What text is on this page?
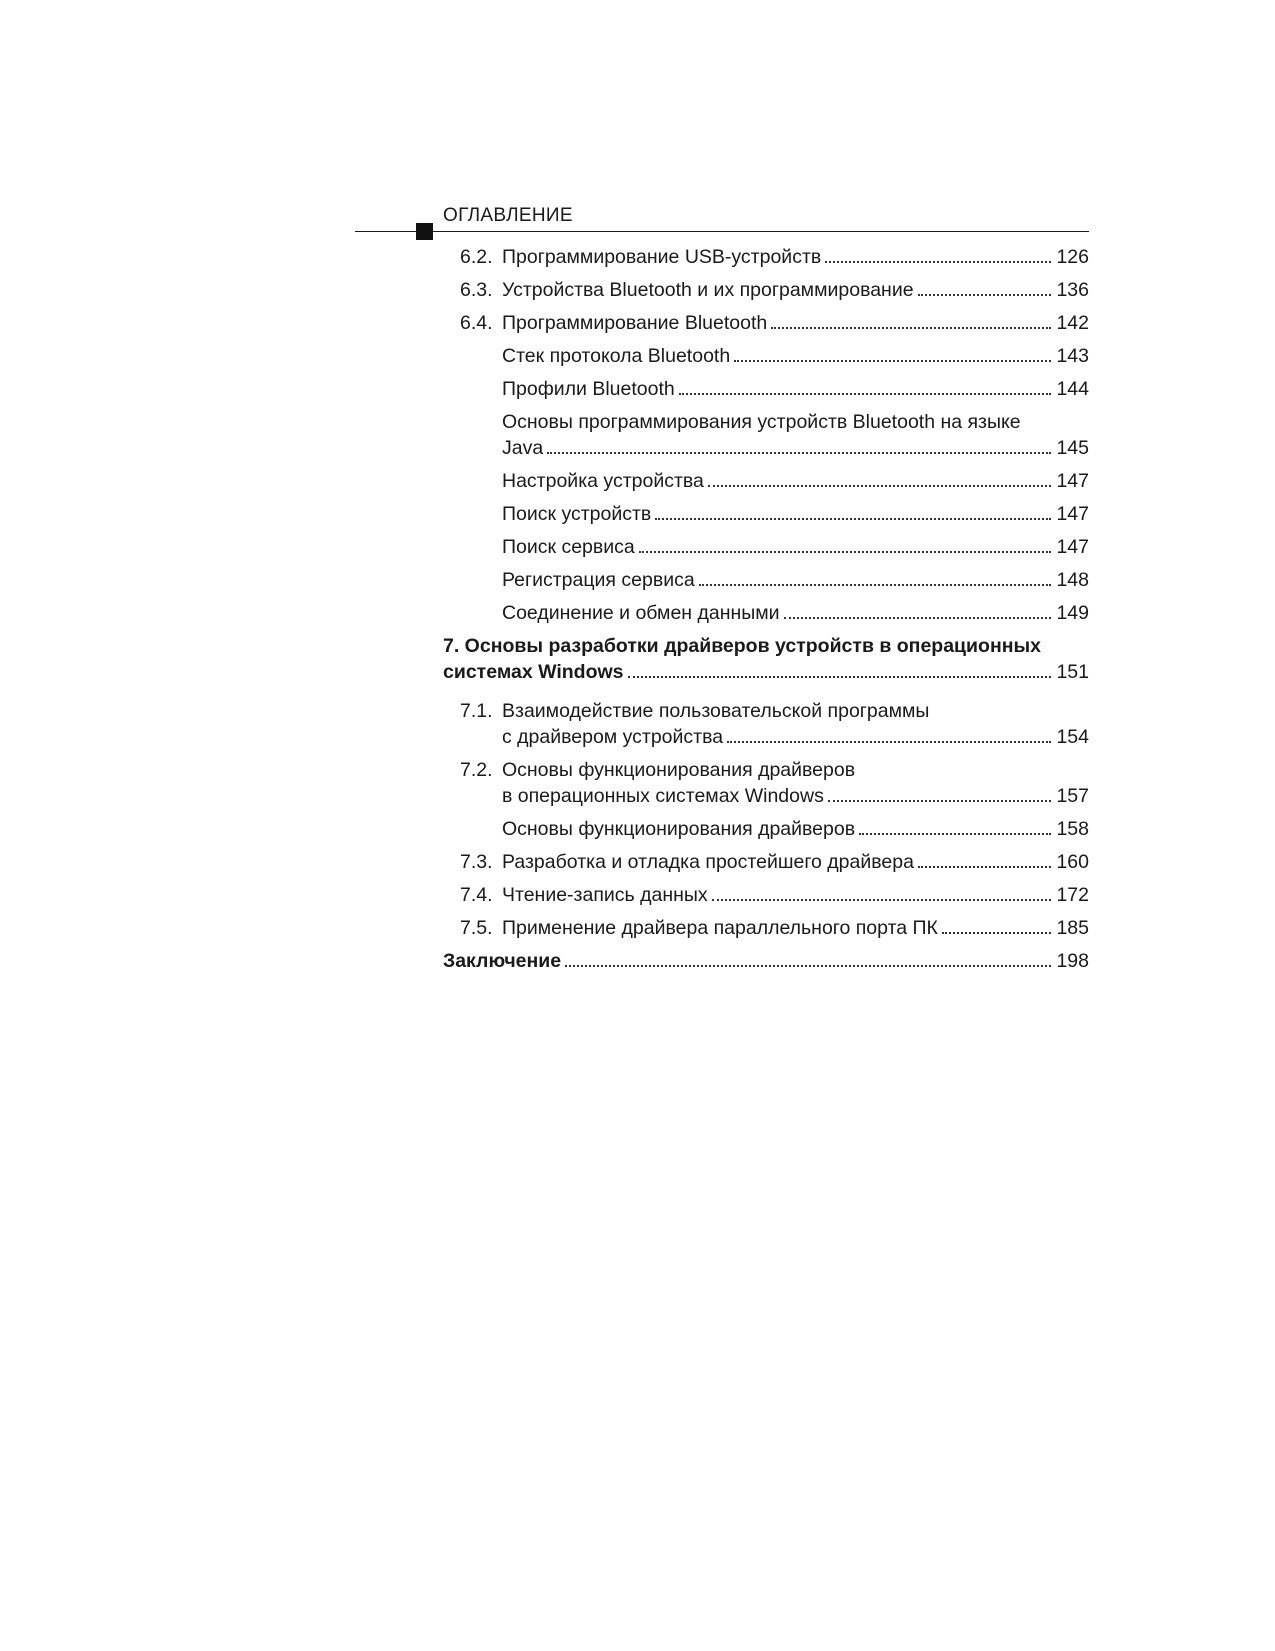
ОГЛАВЛЕНИЕ
6.2. Программирование USB-устройств	126
6.3. Устройства Bluetooth и их программирование	136
6.4. Программирование Bluetooth	142
Стек протокола Bluetooth	143
Профили Bluetooth	144
Основы программирования устройств Bluetooth на языке
Java	145
Настройка устройства	147
Поиск устройств	147
Поиск сервиса	147
Регистрация сервиса	148
Соединение и обмен данными	149
7. Основы разработки драйверов устройств в операционных
системах Windows	151
7.1. Взаимодействие пользовательской программы
с драйвером устройства	154
7.2. Основы функционирования драйверов
в операционных системах Windows	157
Основы функционирования драйверов	158
7.3. Разработка и отладка простейшего драйвера	160
7.4. Чтение-запись данных	172
7.5. Применение драйвера параллельного порта ПК	185
Заключение	198
